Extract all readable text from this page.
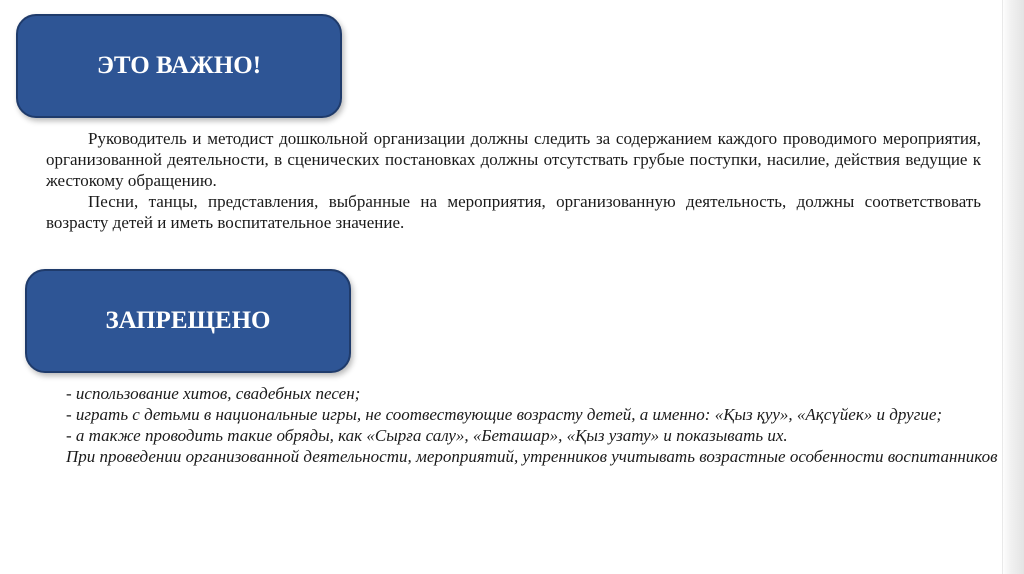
ЭТО ВАЖНО!

Руководитель и методист дошкольной организации должны следить за содержанием каждого проводимого мероприятия, организованной деятельности, в сценических постановках должны отсутствать грубые поступки, насилие, действия ведущие к жестокому обращению.

Песни, танцы, представления, выбранные на мероприятия, организованную деятельность, должны соответствовать возрасту детей и иметь воспитательное значение.

ЗАПРЕЩЕНО

- использование хитов, свадебных песен;

- играть с детьми в национальные игры, не соотвествующие возрасту детей, а именно: «Қыз қуу», «Ақсүйек» и другие;

- а также проводить такие обряды, как «Сырға салу», «Беташар», «Қыз узату» и показывать их.

При проведении организованной деятельности, мероприятий, утренников учитывать возрастные особенности воспитанников
